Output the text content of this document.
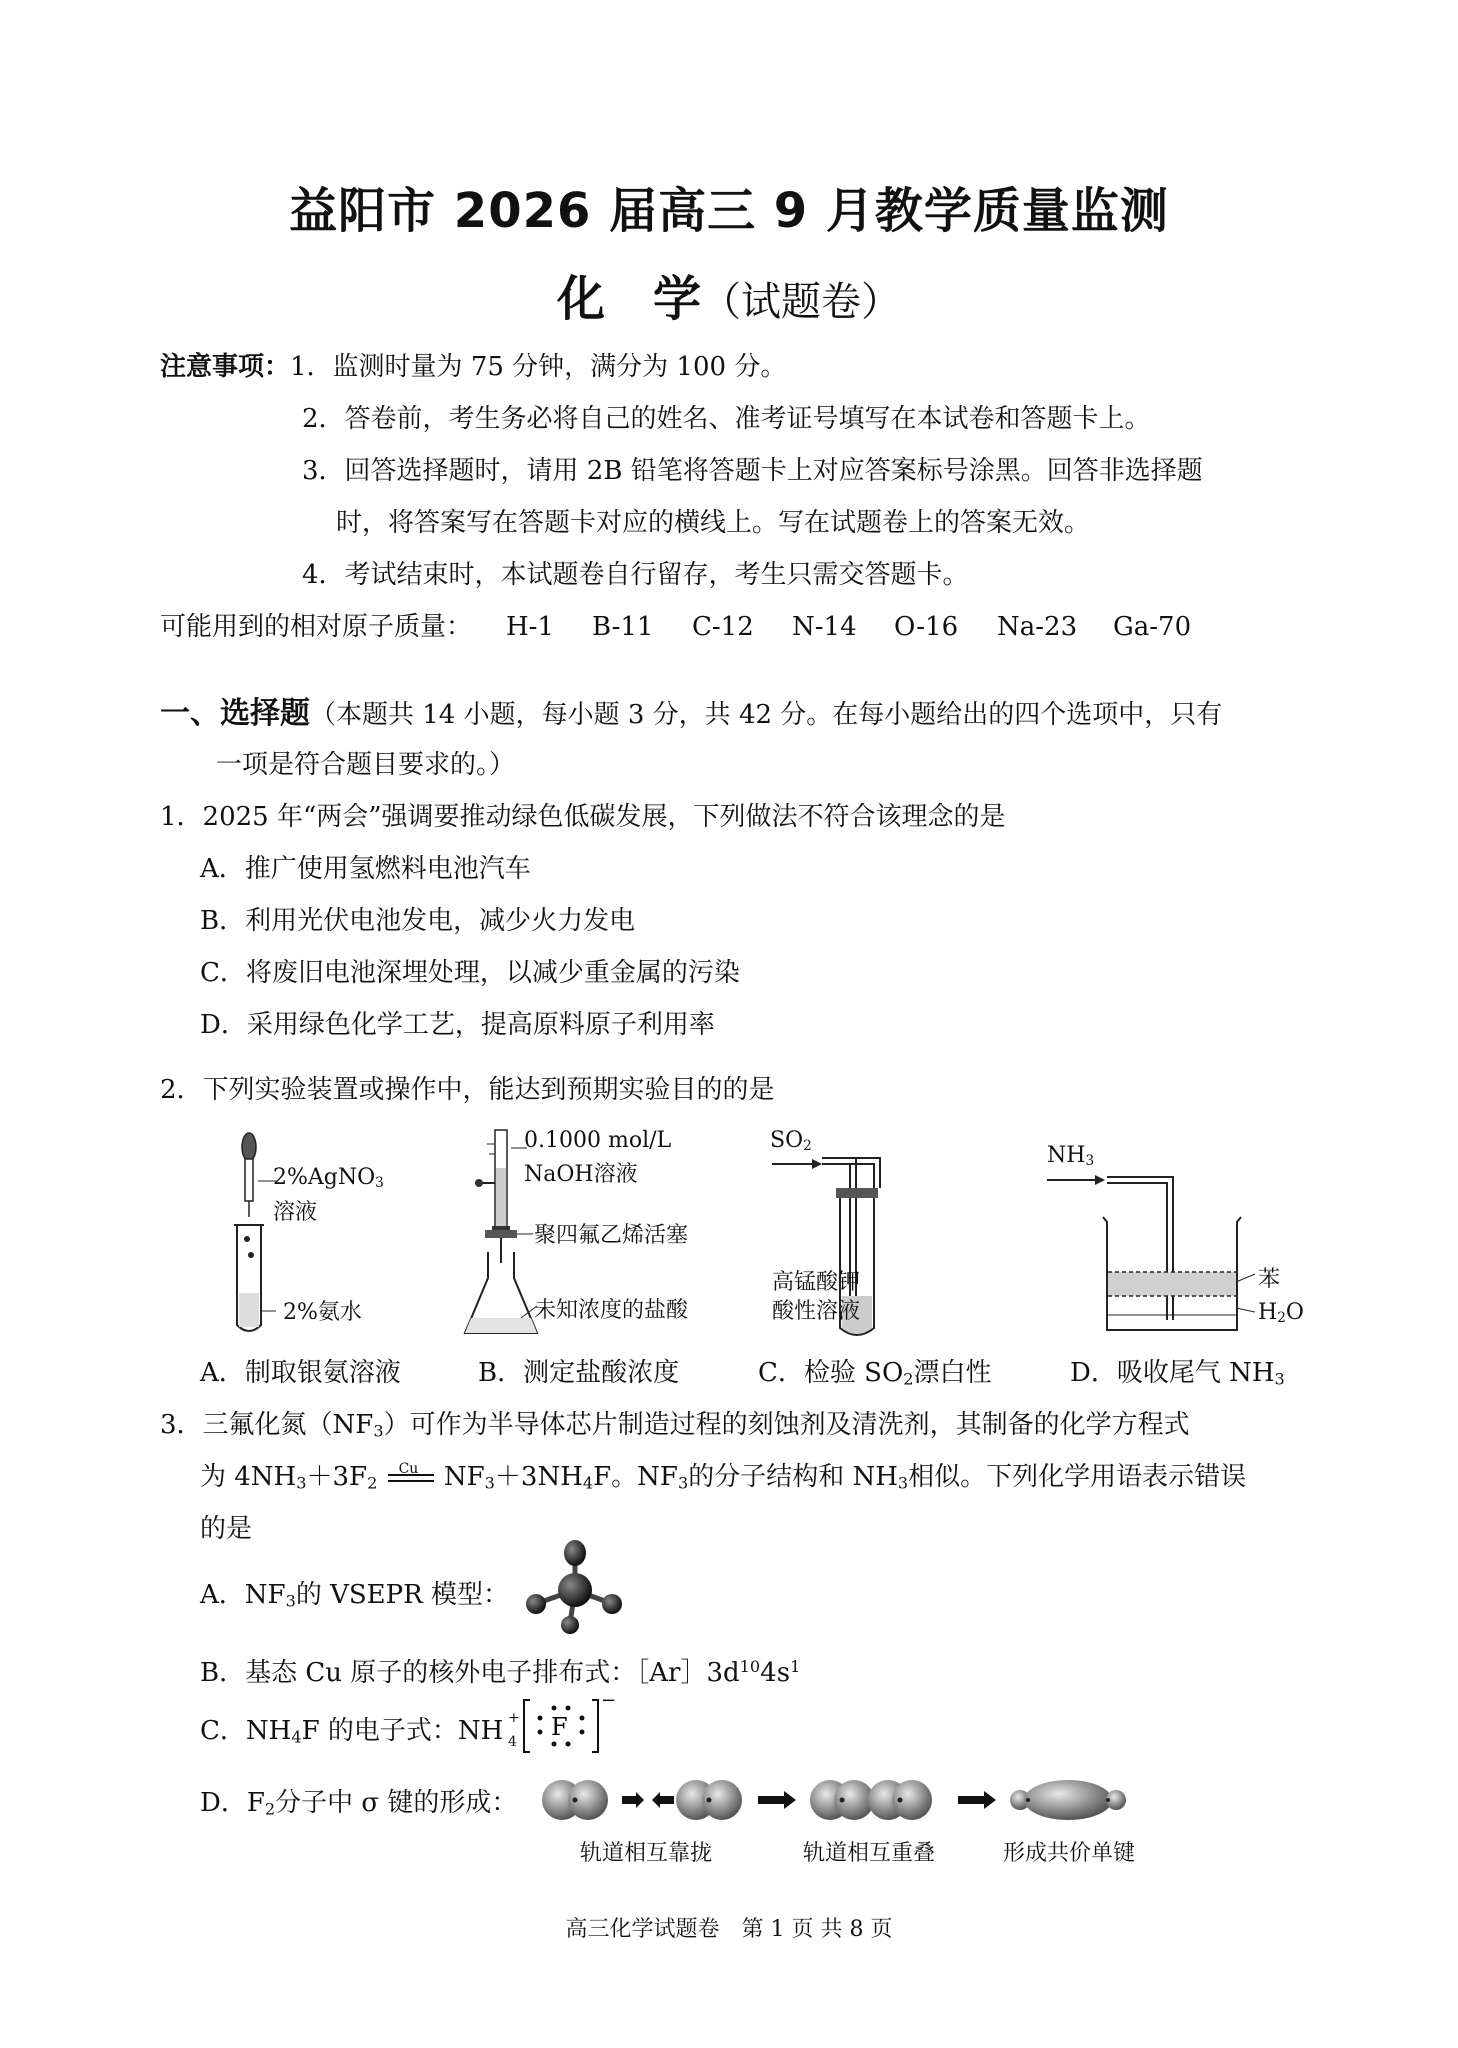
益阳市 2026 届高三 9 月教学质量监测
化　学（试题卷）
注意事项：1．监测时量为 75 分钟，满分为 100 分。
2．答卷前，考生务必将自己的姓名、准考证号填写在本试卷和答题卡上。
3．回答选择题时，请用 2B 铅笔将答题卡上对应答案标号涂黑。回答非选择题
时，将答案写在答题卡对应的横线上。写在试题卷上的答案无效。
4．考试结束时，本试题卷自行留存，考生只需交答题卡。
可能用到的相对原子质量： H-1 B-11 C-12 N-14 O-16 Na-23 Ga-70
一、选择题（本题共 14 小题，每小题 3 分，共 42 分。在每小题给出的四个选项中，只有
一项是符合题目要求的。）
1．2025 年“两会”强调要推动绿色低碳发展，下列做法不符合该理念的是
A．推广使用氢燃料电池汽车
B．利用光伏电池发电，减少火力发电
C．将废旧电池深埋处理，以减少重金属的污染
D．采用绿色化学工艺，提高原料原子利用率
2．下列实验装置或操作中，能达到预期实验目的的是
2%AgNO$_3$
溶液
2%氨水
0.1000 mol/L
NaOH溶液
聚四氟乙烯活塞
未知浓度的盐酸
$SO_2$
高锰酸钾
酸性溶液
$NH_3$
苯
$H_2O$
A．制取银氨溶液	B．测定盐酸浓度	C．检验 $SO_2$漂白性	D．吸收尾气 $NH_3$
3．三氟化氮$(NF_3)$可作为半导体芯片制造过程的刻蚀剂及清洗剂，其制备的化学方程式
为 $4NH_3+3F_2$
Cu $NF_3+3NH_4F$。$NF_3$的分子结构和 $NH_3$相似。下列化学用语表示错误
的是
A．$NF_3$的 VSEPR 模型：
B．基态 Cu 原子的核外电子排布式：$[Ar]3d^{10}4s^1$
C．$NH_4F$ 的电子式：NH +
4
F
−
D．$F_2$分子中 σ 键的形成：
轨道相互靠拢	轨道相互重叠	形成共价单键
高三化学试题卷　第 1 页 共 8 页
